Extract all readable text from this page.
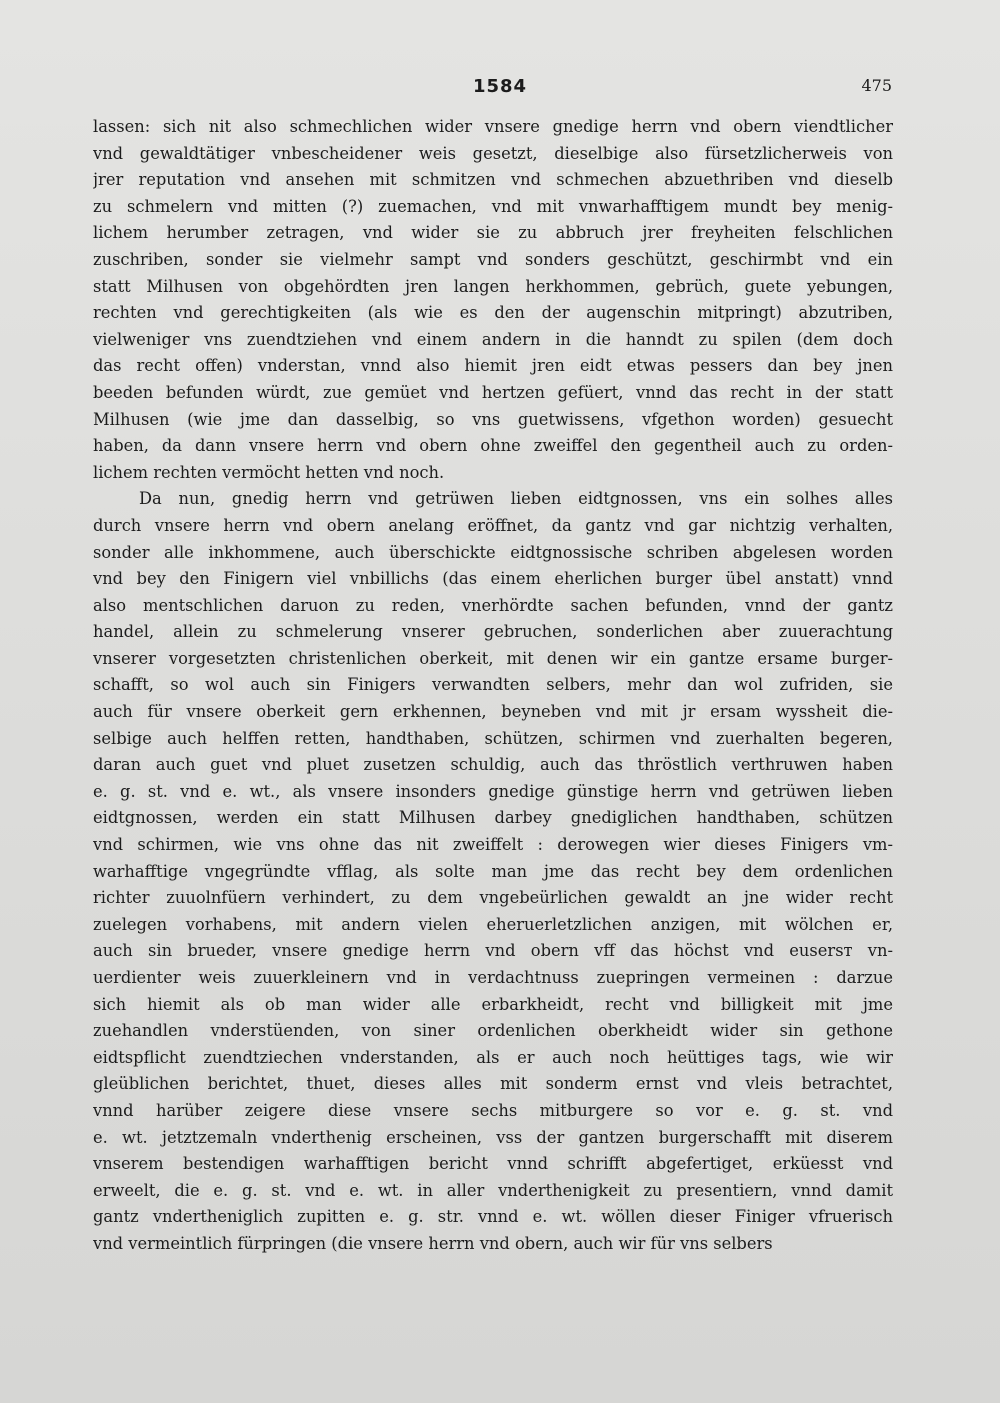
1584	475
lassen: sich nit also schmechlichen wider vnsere gnedige herrn vnd obern viendtlicher
vnd gewaldtätiger vnbescheidener weis gesetzt, dieselbige also fürsetzlicherweis von
jrer reputation vnd ansehen mit schmitzen vnd schmechen abzuethriben vnd dieselb
zu schmelern vnd mitten (?) zuemachen, vnd mit vnwarhafftigem mundt bey menig-
lichem herumber zetragen, vnd wider sie zu abbruch jrer freyheiten felschlichen
zuschriben, sonder sie vielmehr sampt vnd sonders geschützt, geschirmbt vnd ein
statt Milhusen von obgehördten jren langen herkhommen, gebrüch, guete yebungen,
rechten vnd gerechtigkeiten (als wie es den der augenschin mitpringt) abzutriben,
vielweniger vns zuendtziehen vnd einem andern in die hanndt zu spilen (dem doch
das recht offen) vnderstan, vnnd also hiemit jren eidt etwas pessers dan bey jnen
beeden befunden würdt, zue gemüet vnd hertzen gefüert, vnnd das recht in der statt
Milhusen (wie jme dan dasselbig, so vns guetwissens, vfgethon worden) gesuecht
haben, da dann vnsere herrn vnd obern ohne zweiffel den gegentheil auch zu orden-
lichem rechten vermöcht hetten vnd noch.
Da nun, gnedig herrn vnd getrüwen lieben eidtgnossen, vns ein solhes alles
durch vnsere herrn vnd obern anelang eröffnet, da gantz vnd gar nichtzig verhalten,
sonder alle inkhommene, auch überschickte eidtgnossische schriben abgelesen worden
vnd bey den Finigern viel vnbillichs (das einem eherlichen burger übel anstatt) vnnd
also mentschlichen daruon zu reden, vnerhördte sachen befunden, vnnd der gantz
handel, allein zu schmelerung vnserer gebruchen, sonderlichen aber zuuerachtung
vnserer vorgesetzten christenlichen oberkeit, mit denen wir ein gantze ersame burger-
schafft, so wol auch sin Finigers verwandten selbers, mehr dan wol zufriden, sie
auch für vnsere oberkeit gern erkhennen, beyneben vnd mit jr ersam wyssheit die-
selbige auch helffen retten, handthaben, schützen, schirmen vnd zuerhalten begeren,
daran auch guet vnd pluet zusetzen schuldig, auch das thröstlich verthruwen haben
e. g. st. vnd e. wt., als vnsere insonders gnedige günstige herrn vnd getrüwen lieben
eidtgnossen, werden ein statt Milhusen darbey gnediglichen handthaben, schützen
vnd schirmen, wie vns ohne das nit zweiffelt : derowegen wier dieses Finigers vm-
warhafftige vngegründte vfflag, als solte man jme das recht bey dem ordenlichen
richter zuuolnfüern verhindert, zu dem vngebeürlichen gewaldt an jne wider recht
zuelegen vorhabens, mit andern vielen eheruerletzlichen anzigen, mit wölchen er,
auch sin brueder, vnsere gnedige herrn vnd obern vff das höchst vnd eusersт vn-
uerdienter weis zuuerkleinern vnd in verdachtnuss zuepringen vermeinen : darzue
sich hiemit als ob man wider alle erbarkheidt, recht vnd billigkeit mit jme
zuehandlen vnderstüenden, von siner ordenlichen oberkheidt wider sin gethone
eidtspflicht zuendtziechen vnderstanden, als er auch noch heüttiges tags, wie wir
gleüblichen berichtet, thuet, dieses alles mit sonderm ernst vnd vleis betrachtet,
vnnd harüber zeigere diese vnsere sechs mitburgere so vor e. g. st. vnd
e. wt. jetztzemaln vnderthenig erscheinen, vss der gantzen burgerschafft mit diserem
vnserem bestendigen warhafftigen bericht vnnd schrifft abgefertiget, erküesst vnd
erweelt, die e. g. st. vnd e. wt. in aller vnderthenigkeit zu presentiern, vnnd damit
gantz vndertheniglich zupitten e. g. str. vnnd e. wt. wöllen dieser Finiger vfruerisch
vnd vermeintlich fürpringen (die vnsere herrn vnd obern, auch wir für vns selbers
